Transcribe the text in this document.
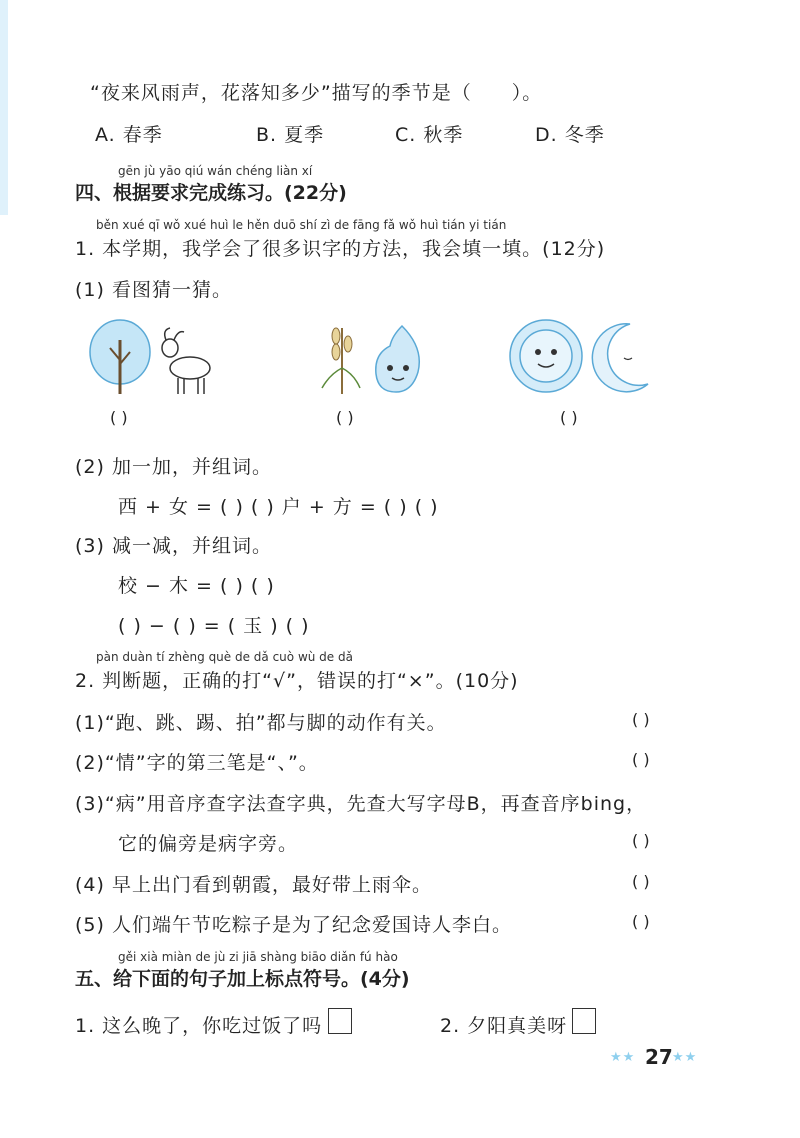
“夜来风雨声，花落知多少”描写的季节是（　　）。
A. 春季	B. 夏季	C. 秋季	D. 冬季
gēn jù yāo qiú wán chéng liàn xí
四、根据要求完成练习。(22分)
běn xué qī wǒ xué huì le hěn duō shí zì de fāng fǎ wǒ huì tián yi tián
1. 本学期，我学会了很多识字的方法，我会填一填。(12分)
(1) 看图猜一猜。
( )	( )	( )
(2) 加一加，并组词。
西 + 女 = ( ) ( ) 户 + 方 = ( ) ( )
(3) 减一减，并组词。
校 − 木 = ( ) ( )
( ) − ( ) = ( 玉 ) ( )
pàn duàn tí zhèng què de dǎ cuò wù de dǎ
2. 判断题，正确的打“√”，错误的打“×”。(10分)
(1)“跑、跳、踢、拍”都与脚的动作有关。	( )
(2)“情”字的第三笔是“、”。	( )
(3)“病”用音序查字法查字典，先查大写字母B，再查音序bing，
它的偏旁是病字旁。	( )
(4) 早上出门看到朝霞，最好带上雨伞。	( )
(5) 人们端午节吃粽子是为了纪念爱国诗人李白。	( )
gěi xià miàn de jù zi jiā shàng biāo diǎn fú hào
五、给下面的句子加上标点符号。(4分)
1. 这么晚了，你吃过饭了吗	2. 夕阳真美呀
★★ 27 ★★
